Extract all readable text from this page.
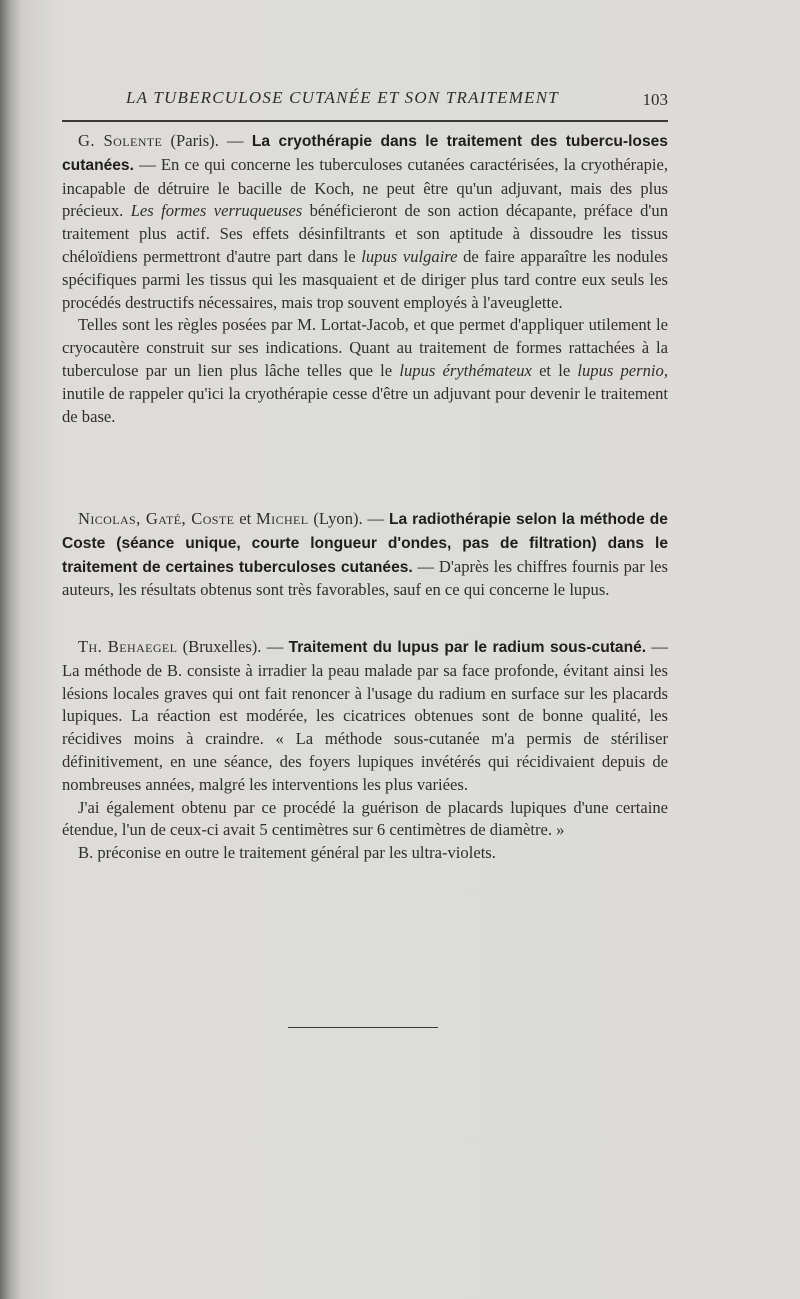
LA TUBERCULOSE CUTANÉE ET SON TRAITEMENT	103

G. Solente (Paris). — La cryothérapie dans le traitement des tubercu-loses cutanées. — En ce qui concerne les tuberculoses cutanées caractérisées, la cryothérapie, incapable de détruire le bacille de Koch, ne peut être qu'un adjuvant, mais des plus précieux. Les formes verruqueuses bénéficieront de son action décapante, préface d'un traitement plus actif. Ses effets désinfiltrants et son aptitude à dissoudre les tissus chéloïdiens permettront d'autre part dans le lupus vulgaire de faire apparaître les nodules spécifiques parmi les tissus qui les masquaient et de diriger plus tard contre eux seuls les procédés destructifs nécessaires, mais trop souvent employés à l'aveuglette.

Telles sont les règles posées par M. Lortat-Jacob, et que permet d'appliquer utilement le cryocautère construit sur ses indications. Quant au traitement de formes rattachées à la tuberculose par un lien plus lâche telles que le lupus érythémateux et le lupus pernio, inutile de rappeler qu'ici la cryothérapie cesse d'être un adjuvant pour devenir le traitement de base.

Nicolas, Gaté, Coste et Michel (Lyon). — La radiothérapie selon la méthode de Coste (séance unique, courte longueur d'ondes, pas de filtration) dans le traitement de certaines tuberculoses cutanées. — D'après les chiffres fournis par les auteurs, les résultats obtenus sont très favorables, sauf en ce qui concerne le lupus.

Th. Behaegel (Bruxelles). — Traitement du lupus par le radium sous-cutané. — La méthode de B. consiste à irradier la peau malade par sa face profonde, évitant ainsi les lésions locales graves qui ont fait renoncer à l'usage du radium en surface sur les placards lupiques. La réaction est modérée, les cicatrices obtenues sont de bonne qualité, les récidives moins à craindre. « La méthode sous-cutanée m'a permis de stériliser définitivement, en une séance, des foyers lupiques invétérés qui récidivaient depuis de nombreuses années, malgré les interventions les plus variées.

J'ai également obtenu par ce procédé la guérison de placards lupiques d'une certaine étendue, l'un de ceux-ci avait 5 centimètres sur 6 centimètres de diamètre. »

B. préconise en outre le traitement général par les ultra-violets.
